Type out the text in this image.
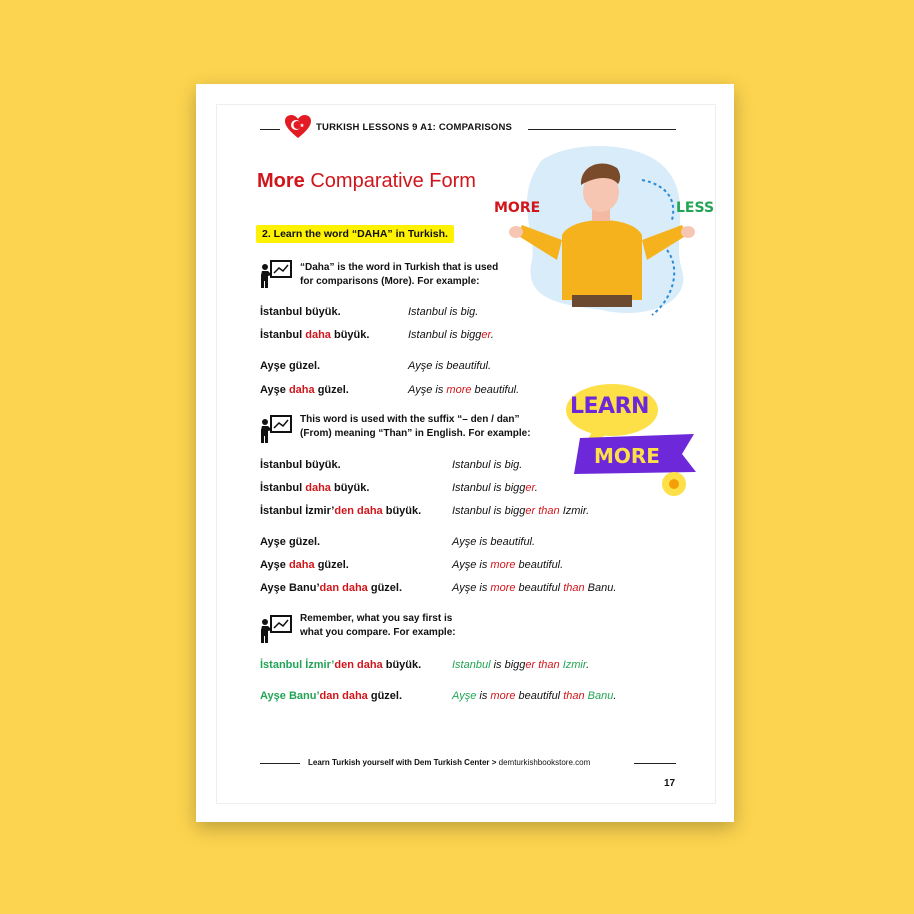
TURKISH LESSONS 9 A1: COMPARISONS
More Comparative Form
MORE	LESS
2. Learn the word “DAHA” in Turkish.
“Daha” is the word in Turkish that is used
for comparisons (More). For example:
LEARN
MORE
This word is used with the suffix “– den / dan”
(From) meaning “Than” in English. For example:
Remember, what you say first is
what you compare. For example:
Learn Turkish yourself with Dem Turkish Center > demturkishbookstore.com
17
İstanbul büyük.	Istanbul is big.
İstanbul daha büyük.	Istanbul is bigger.
Ayşe güzel.	Ayşe is beautiful.
Ayşe daha güzel.	Ayşe is more beautiful.
İstanbul büyük.	Istanbul is big.
İstanbul daha büyük.	Istanbul is bigger.
İstanbul İzmir’den daha büyük.	Istanbul is bigger than Izmir.
Ayşe güzel.	Ayşe is beautiful.
Ayşe daha güzel.	Ayşe is more beautiful.
Ayşe Banu’dan daha güzel.	Ayşe is more beautiful than Banu.
İstanbul İzmir’den daha büyük.	Istanbul is bigger than Izmir.
Ayşe Banu’dan daha güzel.	Ayşe is more beautiful than Banu.
